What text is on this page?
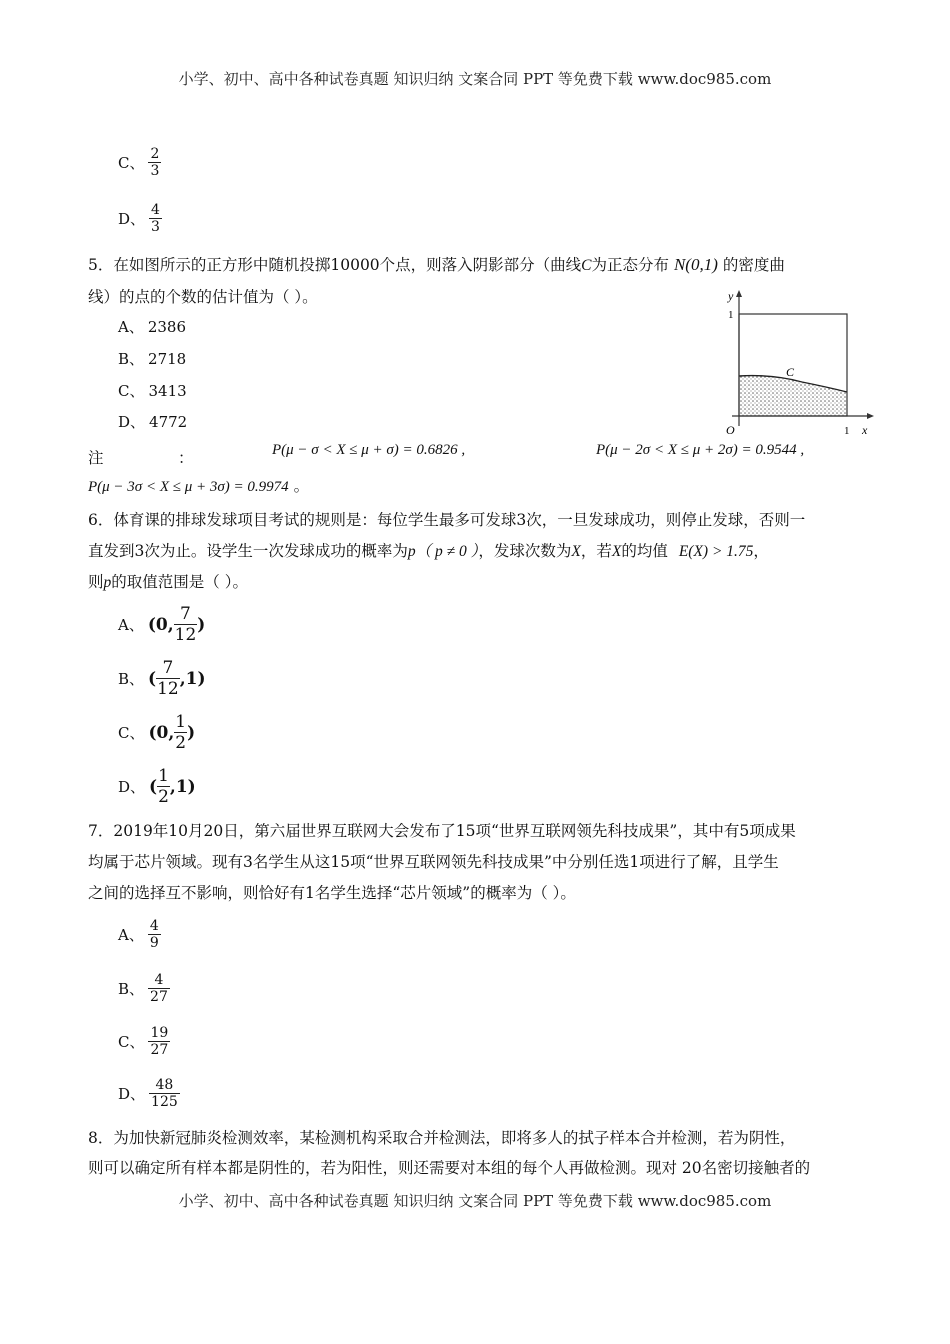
小学、初中、高中各种试卷真题 知识归纳 文案合同 PPT 等免费下载 www.doc985.com
C、 $\frac{2}{3}$
D、 $\frac{4}{3}$
5．在如图所示的正方形中随机投掷10000个点，则落入阴影部分（曲线C为正态分布 N(0,1) 的密度曲
线）的点的个数的估计值为（ ）。
A、 2386
B、 2718
C、 3413
D、 4772
y
1
x
O	1
C
注	：	P(μ − σ < X ≤ μ + σ) = 0.6826 ,	P(μ − 2σ < X ≤ μ + 2σ) = 0.9544 ,
P(μ − 3σ < X ≤ μ + 3σ) = 0.9974 。
6．体育课的排球发球项目考试的规则是：每位学生最多可发球3次，一旦发球成功，则停止发球，否则一
直发到3次为止。设学生一次发球成功的概率为p（ p ≠ 0 ），发球次数为X，若X的均值 E(X) > 1.75，
则p的取值范围是（ ）。
A、 (0, $\frac{7}{12}$ )
B、 ( $\frac{7}{12} ,1$)
C、 (0, $\frac{1}{2}$ )
D、 ( $\frac{1}{2} ,1$)
7．2019年10月20日，第六届世界互联网大会发布了15项“世界互联网领先科技成果”，其中有5项成果
均属于芯片领域。现有3名学生从这15项“世界互联网领先科技成果”中分别任选1项进行了解，且学生
之间的选择互不影响，则恰好有1名学生选择“芯片领域”的概率为（ ）。
A、 $\frac{4}{9}$
B、 $\frac{4}{27}$
C、 $\frac{19}{27}$
D、 $\frac{48}{125}$
8．为加快新冠肺炎检测效率，某检测机构采取合并检测法，即将多人的拭子样本合并检测，若为阴性，
则可以确定所有样本都是阴性的，若为阳性，则还需要对本组的每个人再做检测。现对 20名密切接触者的
小学、初中、高中各种试卷真题 知识归纳 文案合同 PPT 等免费下载 www.doc985.com
